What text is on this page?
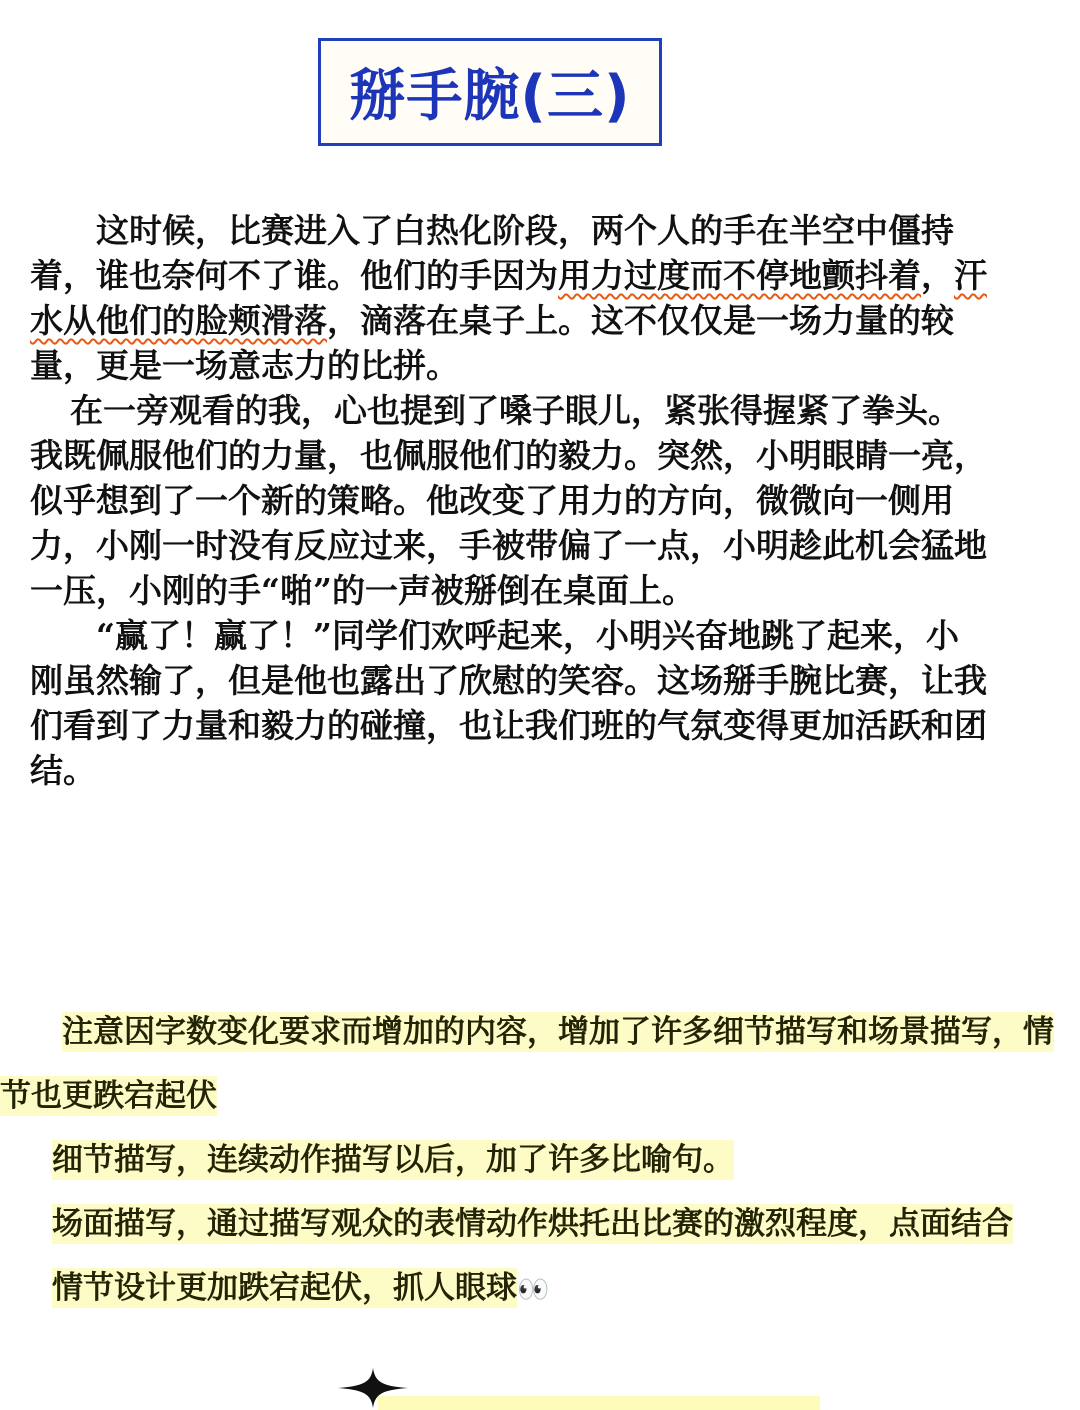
掰手腕(三)

这时候，比赛进入了白热化阶段，两个人的手在半空中僵持着，谁也奈何不了谁。他们的手因为用力过度而不停地颤抖着，汗水从他们的脸颊滑落，滴落在桌子上。这不仅仅是一场力量的较量，更是一场意志力的比拼。

在一旁观看的我，心也提到了嗓子眼儿，紧张得握紧了拳头。我既佩服他们的力量，也佩服他们的毅力。突然，小明眼睛一亮，似乎想到了一个新的策略。他改变了用力的方向，微微向一侧用力，小刚一时没有反应过来，手被带偏了一点，小明趁此机会猛地一压，小刚的手“啪”的一声被掰倒在桌面上。

“赢了！赢了！”同学们欢呼起来，小明兴奋地跳了起来，小刚虽然输了，但是他也露出了欣慰的笑容。这场掰手腕比赛，让我们看到了力量和毅力的碰撞，也让我们班的气氛变得更加活跃和团结。

注意因字数变化要求而增加的内容，增加了许多细节描写和场景描写，情节也更跌宕起伏

细节描写，连续动作描写以后，加了许多比喻句。

场面描写，通过描写观众的表情动作烘托出比赛的激烈程度，点面结合

情节设计更加跌宕起伏，抓人眼球👀
